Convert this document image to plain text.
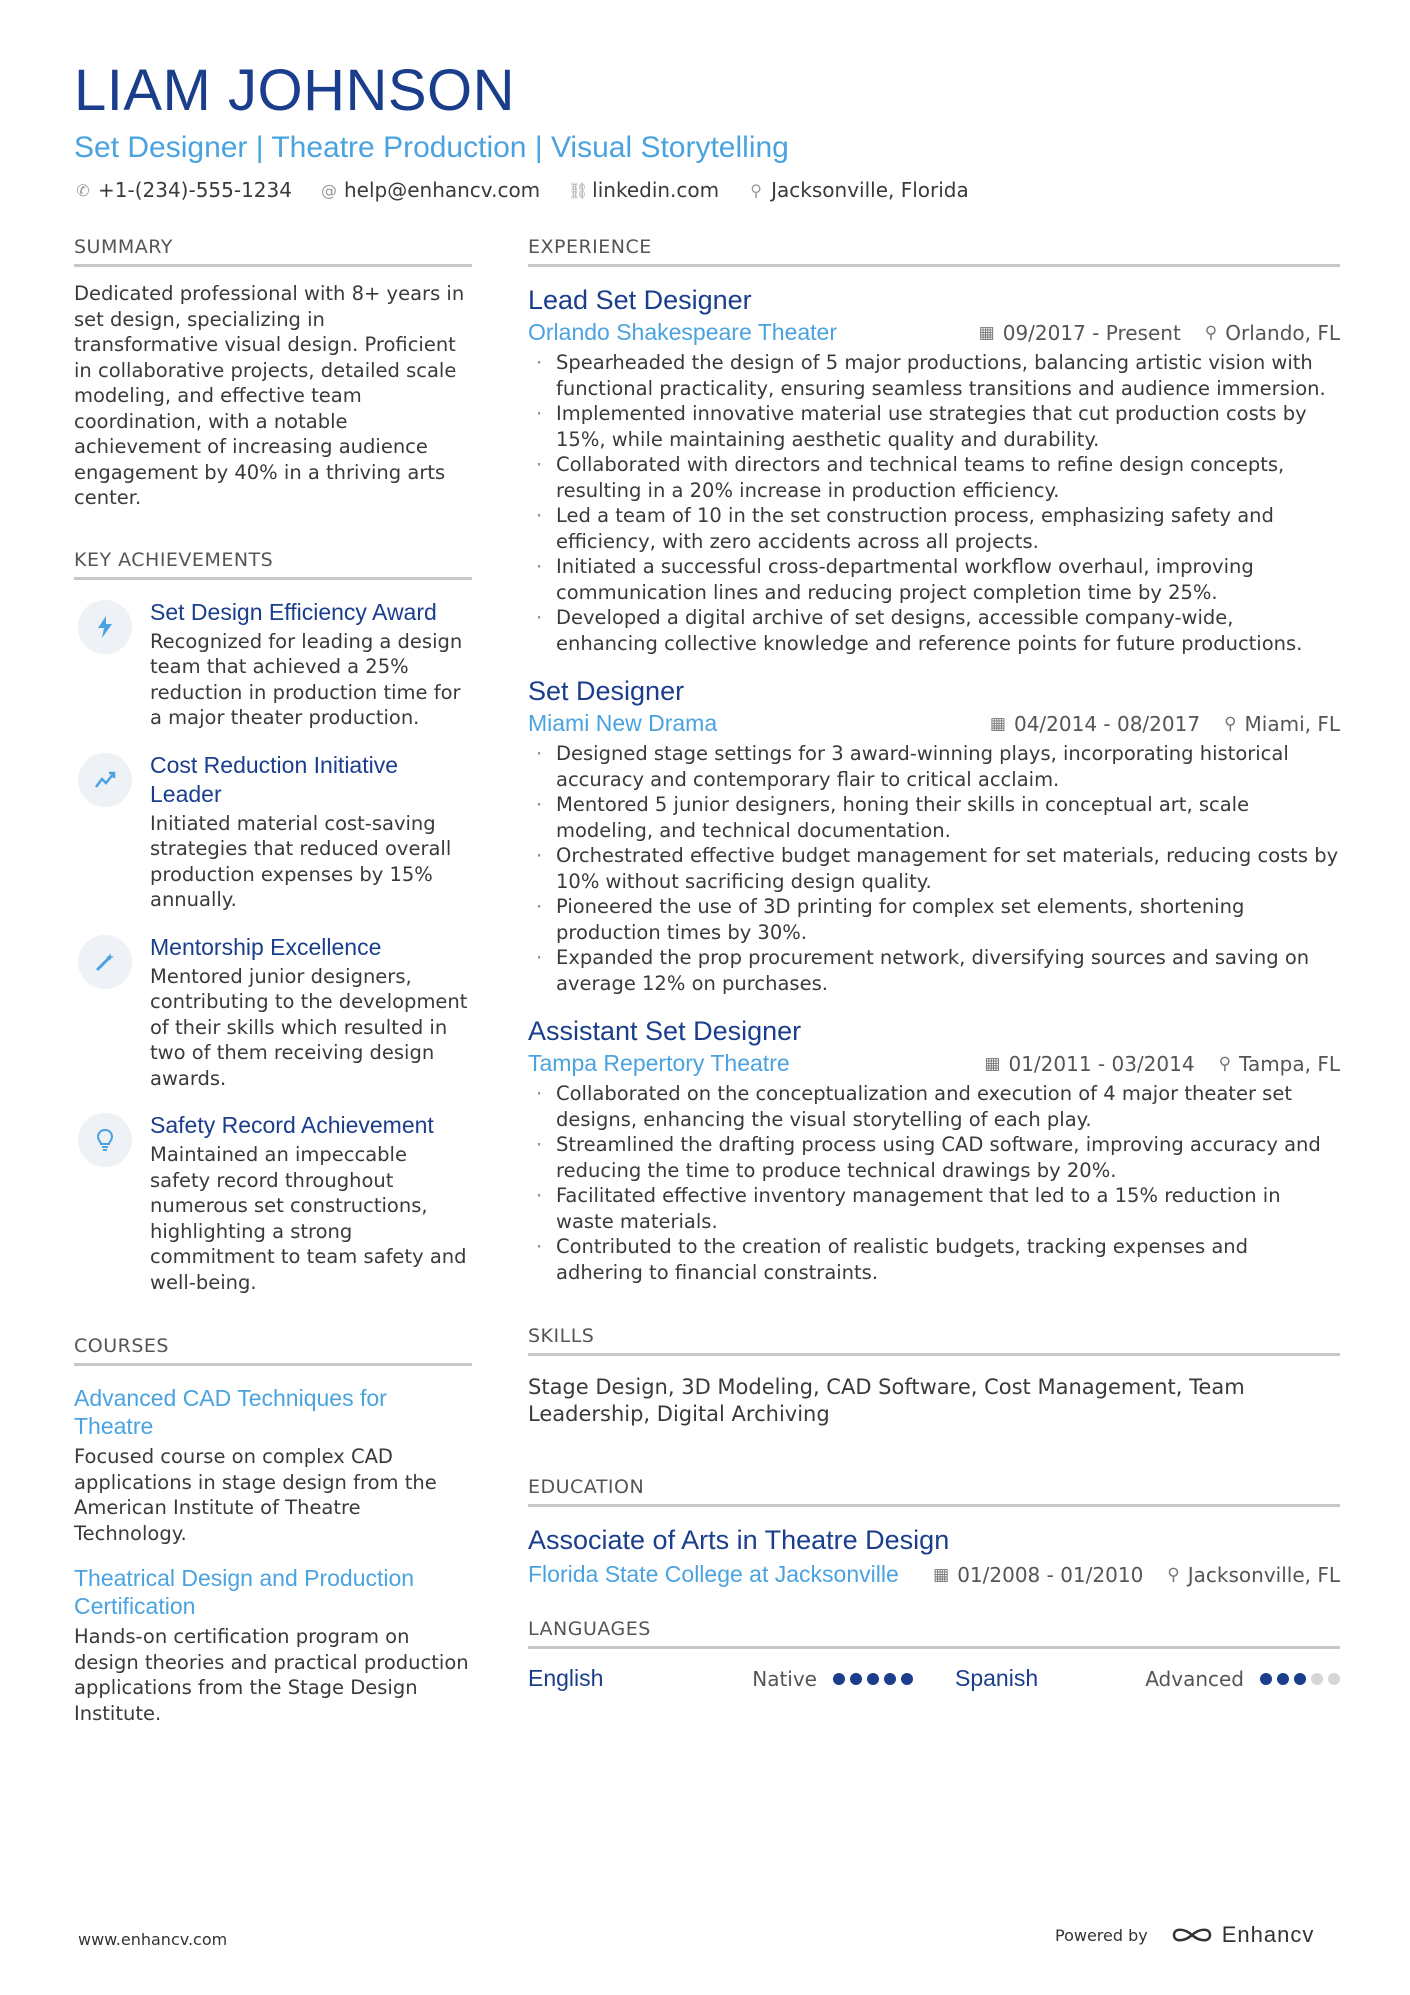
LIAM JOHNSON
Set Designer | Theatre Production | Visual Storytelling
✆ +1-(234)-555-1234 @ help@enhancv.com ⛓ linkedin.com ⚲ Jacksonville, Florida
SUMMARY
Dedicated professional with 8+ years in set design, specializing in transformative visual design. Proficient in collaborative projects, detailed scale modeling, and effective team coordination, with a notable achievement of increasing audience engagement by 40% in a thriving arts center.
KEY ACHIEVEMENTS
Set Design Efficiency Award
Recognized for leading a design team that achieved a 25% reduction in production time for a major theater production.
Cost Reduction Initiative Leader
Initiated material cost-saving strategies that reduced overall production expenses by 15% annually.
Mentorship Excellence
Mentored junior designers, contributing to the development of their skills which resulted in two of them receiving design awards.
Safety Record Achievement
Maintained an impeccable safety record throughout numerous set constructions, highlighting a strong commitment to team safety and well-being.
COURSES
Advanced CAD Techniques for Theatre
Focused course on complex CAD applications in stage design from the American Institute of Theatre Technology.
Theatrical Design and Production Certification
Hands-on certification program on design theories and practical production applications from the Stage Design Institute.
EXPERIENCE
Lead Set Designer
Orlando Shakespeare Theater	▦ 09/2017 - Present ⚲ Orlando, FL
· Spearheaded the design of 5 major productions, balancing artistic vision with functional practicality, ensuring seamless transitions and audience immersion.
· Implemented innovative material use strategies that cut production costs by 15%, while maintaining aesthetic quality and durability.
· Collaborated with directors and technical teams to refine design concepts, resulting in a 20% increase in production efficiency.
· Led a team of 10 in the set construction process, emphasizing safety and efficiency, with zero accidents across all projects.
· Initiated a successful cross-departmental workflow overhaul, improving communication lines and reducing project completion time by 25%.
· Developed a digital archive of set designs, accessible company-wide, enhancing collective knowledge and reference points for future productions.
Set Designer
Miami New Drama	▦ 04/2014 - 08/2017 ⚲ Miami, FL
· Designed stage settings for 3 award-winning plays, incorporating historical accuracy and contemporary flair to critical acclaim.
· Mentored 5 junior designers, honing their skills in conceptual art, scale modeling, and technical documentation.
· Orchestrated effective budget management for set materials, reducing costs by 10% without sacrificing design quality.
· Pioneered the use of 3D printing for complex set elements, shortening production times by 30%.
· Expanded the prop procurement network, diversifying sources and saving on average 12% on purchases.
Assistant Set Designer
Tampa Repertory Theatre	▦ 01/2011 - 03/2014 ⚲ Tampa, FL
· Collaborated on the conceptualization and execution of 4 major theater set designs, enhancing the visual storytelling of each play.
· Streamlined the drafting process using CAD software, improving accuracy and reducing the time to produce technical drawings by 20%.
· Facilitated effective inventory management that led to a 15% reduction in waste materials.
· Contributed to the creation of realistic budgets, tracking expenses and adhering to financial constraints.
SKILLS
Stage Design, 3D Modeling, CAD Software, Cost Management, Team Leadership, Digital Archiving
EDUCATION
Associate of Arts in Theatre Design
Florida State College at Jacksonville ▦ 01/2008 - 01/2010 ⚲ Jacksonville, FL
LANGUAGES
English	Native	Spanish	Advanced
www.enhancv.com	Powered by	Enhancv
